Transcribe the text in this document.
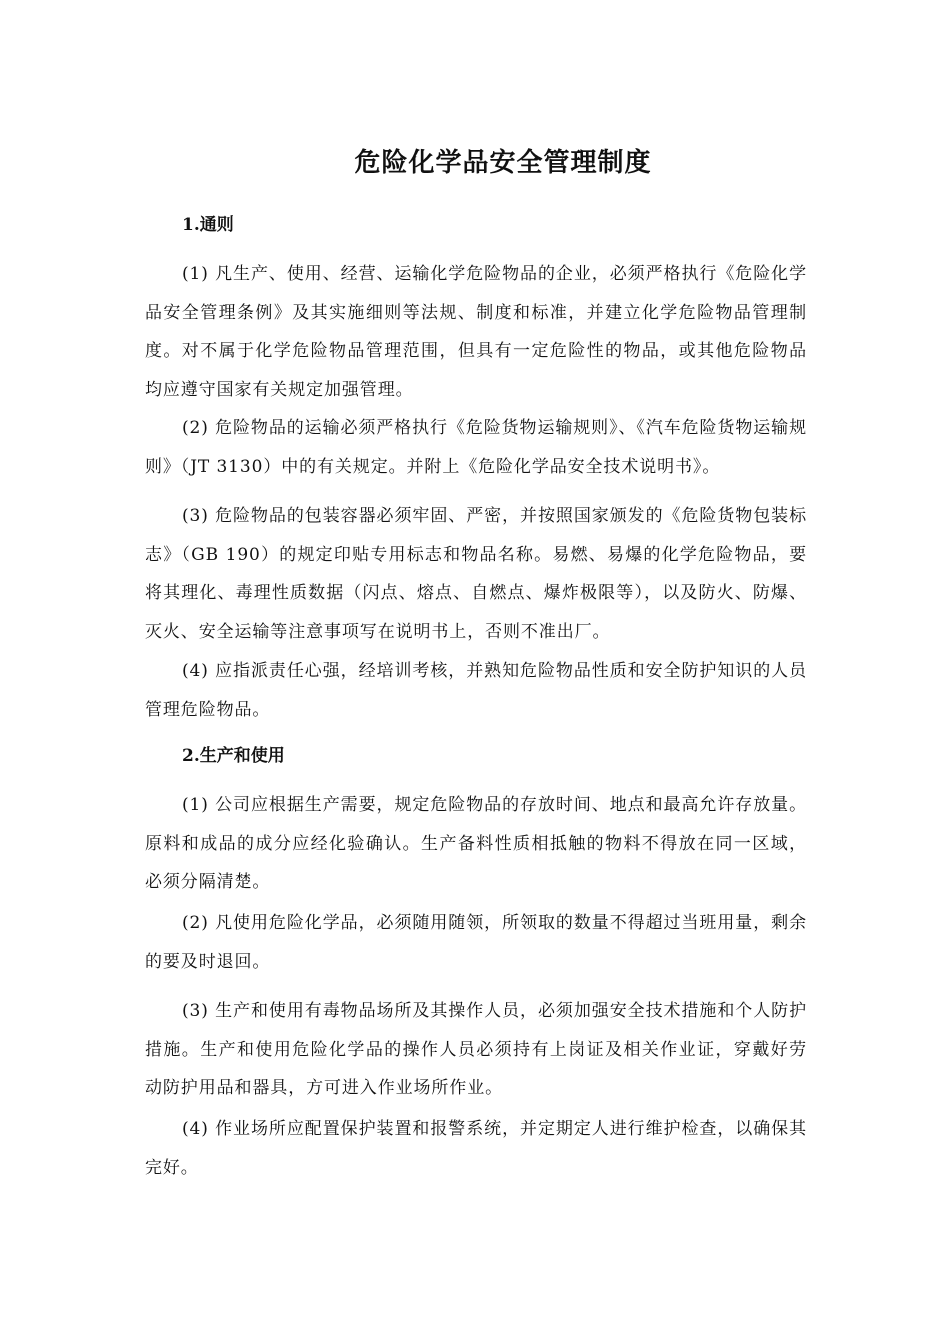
危险化学品安全管理制度
1.通则

(1) 凡生产、使用、经营、运输化学危险物品的企业，必须严格执行《危险化学品安全管理条例》及其实施细则等法规、制度和标准，并建立化学危险物品管理制度。对不属于化学危险物品管理范围，但具有一定危险性的物品，或其他危险物品均应遵守国家有关规定加强管理。

(2) 危险物品的运输必须严格执行《危险货物运输规则》、《汽车危险货物运输规则》（JT 3130）中的有关规定。并附上《危险化学品安全技术说明书》。

(3) 危险物品的包装容器必须牢固、严密，并按照国家颁发的《危险货物包装标志》（GB 190）的规定印贴专用标志和物品名称。易燃、易爆的化学危险物品，要将其理化、毒理性质数据（闪点、熔点、自燃点、爆炸极限等），以及防火、防爆、灭火、安全运输等注意事项写在说明书上，否则不准出厂。

(4) 应指派责任心强，经培训考核，并熟知危险物品性质和安全防护知识的人员管理危险物品。

2.生产和使用

(1) 公司应根据生产需要，规定危险物品的存放时间、地点和最高允许存放量。原料和成品的成分应经化验确认。生产备料性质相抵触的物料不得放在同一区域，必须分隔清楚。

(2) 凡使用危险化学品，必须随用随领，所领取的数量不得超过当班用量，剩余的要及时退回。

(3) 生产和使用有毒物品场所及其操作人员，必须加强安全技术措施和个人防护措施。生产和使用危险化学品的操作人员必须持有上岗证及相关作业证，穿戴好劳动防护用品和器具，方可进入作业场所作业。

(4) 作业场所应配置保护装置和报警系统，并定期定人进行维护检查，以确保其完好。
